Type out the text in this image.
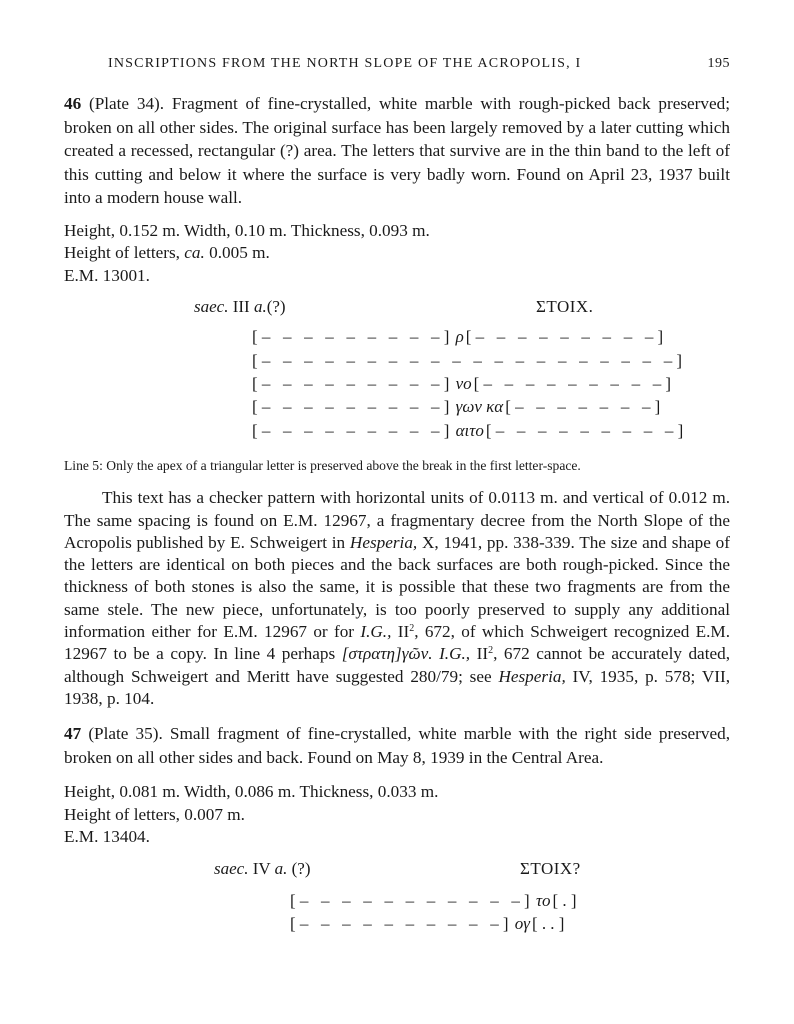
INSCRIPTIONS FROM THE NORTH SLOPE OF THE ACROPOLIS, I	195

46 (Plate 34). Fragment of fine-crystalled, white marble with rough-picked back preserved; broken on all other sides. The original surface has been largely removed by a later cutting which created a recessed, rectangular (?) area. The letters that survive are in the thin band to the left of this cutting and below it where the surface is very badly worn. Found on April 23, 1937 built into a modern house wall.

Height, 0.152 m. Width, 0.10 m. Thickness, 0.093 m.
Height of letters, ca. 0.005 m.
E.M. 13001.
saec. III a.(?)	ΣTOIX.
[– – – – – – – – –] ρ [– – – – – – – – –]
[– – – – – – – – – – – – – – – – – – – –]
[– – – – – – – – –] νο [– – – – – – – – –]
[– – – – – – – – –] γων κα [– – – – – – –]
[– – – – – – – – –] αιτο [– – – – – – – – –]

Line 5: Only the apex of a triangular letter is preserved above the break in the first letter-space.

This text has a checker pattern with horizontal units of 0.0113 m. and vertical of 0.012 m. The same spacing is found on E.M. 12967, a fragmentary decree from the North Slope of the Acropolis published by E. Schweigert in Hesperia, X, 1941, pp. 338-339. The size and shape of the letters are identical on both pieces and the back surfaces are both rough-picked. Since the thickness of both stones is also the same, it is possible that these two fragments are from the same stele. The new piece, unfortunately, is too poorly preserved to supply any additional information either for E.M. 12967 or for I.G., $II^2$, 672, of which Schweigert recognized E.M. 12967 to be a copy. In line 4 perhaps [στρατη]γῶν. I.G., $II^2$, 672 cannot be accurately dated, although Schweigert and Meritt have suggested 280/79; see Hesperia, IV, 1935, p. 578; VII, 1938, p. 104.

47 (Plate 35). Small fragment of fine-crystalled, white marble with the right side preserved, broken on all other sides and back. Found on May 8, 1939 in the Central Area.

Height, 0.081 m. Width, 0.086 m. Thickness, 0.033 m.
Height of letters, 0.007 m.
E.M. 13404.
saec. IV a. (?)	ΣTOIX?
[– – – – – – – – – – –] το [.]
[– – – – – – – – – –] ογ [..]
